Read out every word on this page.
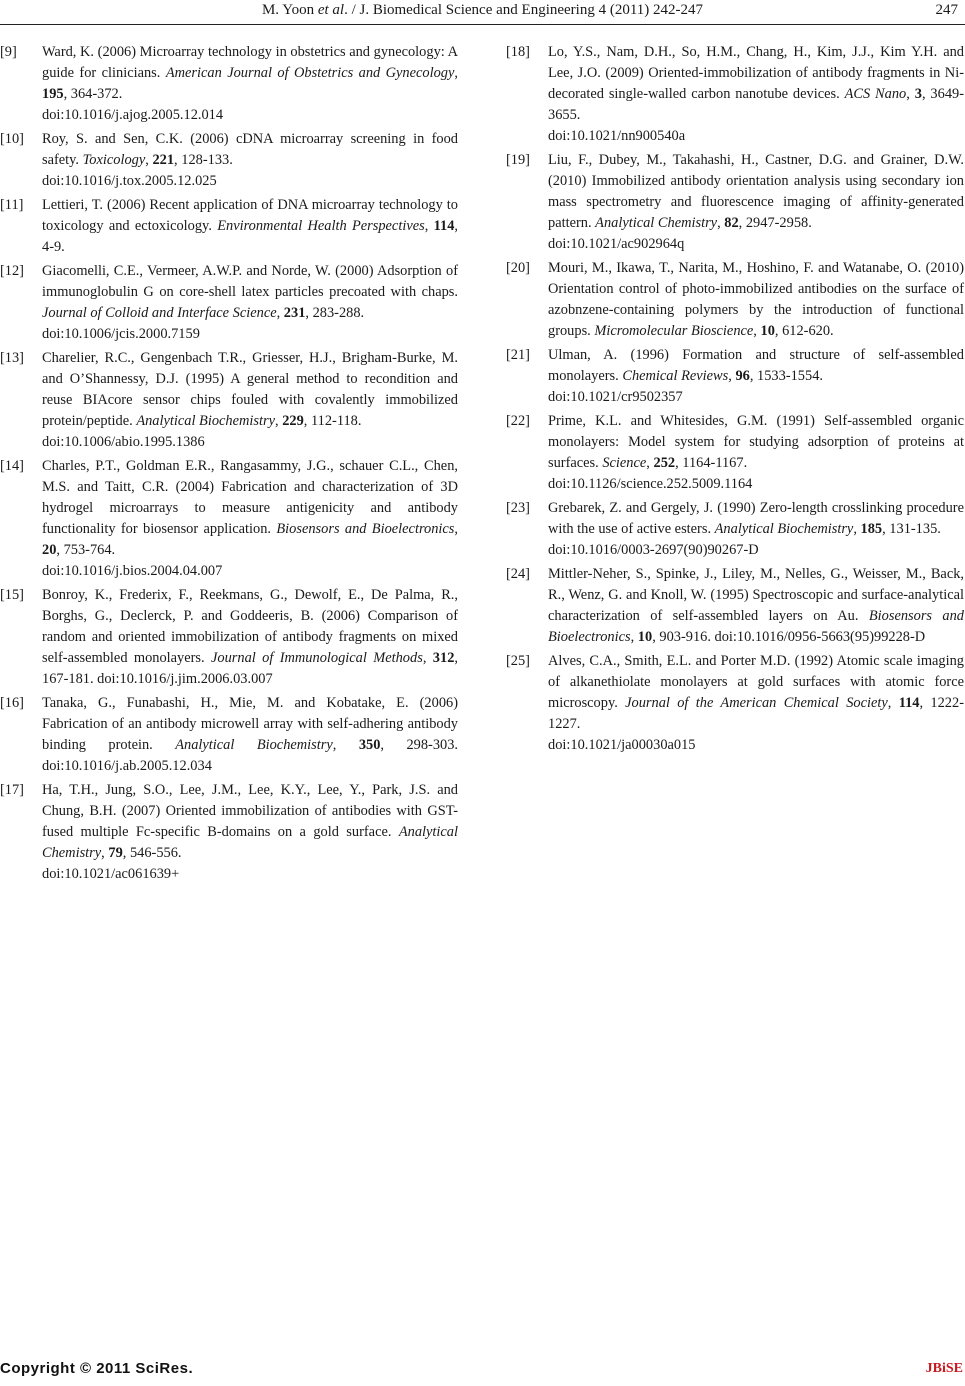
M. Yoon et al. / J. Biomedical Science and Engineering 4 (2011) 242-247	247
[9] Ward, K. (2006) Microarray technology in obstetrics and gynecology: A guide for clinicians. American Journal of Obstetrics and Gynecology, 195, 364-372.
doi:10.1016/j.ajog.2005.12.014
[10] Roy, S. and Sen, C.K. (2006) cDNA microarray screening in food safety. Toxicology, 221, 128-133.
doi:10.1016/j.tox.2005.12.025
[11] Lettieri, T. (2006) Recent application of DNA microarray technology to toxicology and ectoxicology. Environmental Health Perspectives, 114, 4-9.
[12] Giacomelli, C.E., Vermeer, A.W.P. and Norde, W. (2000) Adsorption of immunoglobulin G on core-shell latex particles precoated with chaps. Journal of Colloid and Interface Science, 231, 283-288.
doi:10.1006/jcis.2000.7159
[13] Charelier, R.C., Gengenbach T.R., Griesser, H.J., Brigham-Burke, M. and O’Shannessy, D.J. (1995) A general method to recondition and reuse BIAcore sensor chips fouled with covalently immobilized protein/peptide. Analytical Biochemistry, 229, 112-118.
doi:10.1006/abio.1995.1386
[14] Charles, P.T., Goldman E.R., Rangasammy, J.G., schauer C.L., Chen, M.S. and Taitt, C.R. (2004) Fabrication and characterization of 3D hydrogel microarrays to measure antigenicity and antibody functionality for biosensor application. Biosensors and Bioelectronics, 20, 753-764.
doi:10.1016/j.bios.2004.04.007
[15] Bonroy, K., Frederix, F., Reekmans, G., Dewolf, E., De Palma, R., Borghs, G., Declerck, P. and Goddeeris, B. (2006) Comparison of random and oriented immobilization of antibody fragments on mixed self-assembled monolayers. Journal of Immunological Methods, 312, 167-181. doi:10.1016/j.jim.2006.03.007
[16] Tanaka, G., Funabashi, H., Mie, M. and Kobatake, E. (2006) Fabrication of an antibody microwell array with self-adhering antibody binding protein. Analytical Biochemistry, 350, 298-303. doi:10.1016/j.ab.2005.12.034
[17] Ha, T.H., Jung, S.O., Lee, J.M., Lee, K.Y., Lee, Y., Park, J.S. and Chung, B.H. (2007) Oriented immobilization of antibodies with GST-fused multiple Fc-specific B-domains on a gold surface. Analytical Chemistry, 79, 546-556.
doi:10.1021/ac061639+
[18] Lo, Y.S., Nam, D.H., So, H.M., Chang, H., Kim, J.J., Kim Y.H. and Lee, J.O. (2009) Oriented-immobilization of antibody fragments in Ni-decorated single-walled carbon nanotube devices. ACS Nano, 3, 3649-3655.
doi:10.1021/nn900540a
[19] Liu, F., Dubey, M., Takahashi, H., Castner, D.G. and Grainer, D.W. (2010) Immobilized antibody orientation analysis using secondary ion mass spectrometry and fluorescence imaging of affinity-generated pattern. Analytical Chemistry, 82, 2947-2958.
doi:10.1021/ac902964q
[20] Mouri, M., Ikawa, T., Narita, M., Hoshino, F. and Watanabe, O. (2010) Orientation control of photo-immobilized antibodies on the surface of azobnzene-containing polymers by the introduction of functional groups. Micromolecular Bioscience, 10, 612-620.
[21] Ulman, A. (1996) Formation and structure of self-assembled monolayers. Chemical Reviews, 96, 1533-1554.
doi:10.1021/cr9502357
[22] Prime, K.L. and Whitesides, G.M. (1991) Self-assembled organic monolayers: Model system for studying adsorption of proteins at surfaces. Science, 252, 1164-1167.
doi:10.1126/science.252.5009.1164
[23] Grebarek, Z. and Gergely, J. (1990) Zero-length crosslinking procedure with the use of active esters. Analytical Biochemistry, 185, 131-135.
doi:10.1016/0003-2697(90)90267-D
[24] Mittler-Neher, S., Spinke, J., Liley, M., Nelles, G., Weisser, M., Back, R., Wenz, G. and Knoll, W. (1995) Spectroscopic and surface-analytical characterization of self-assembled layers on Au. Biosensors and Bioelectronics, 10, 903-916. doi:10.1016/0956-5663(95)99228-D
[25] Alves, C.A., Smith, E.L. and Porter M.D. (1992) Atomic scale imaging of alkanethiolate monolayers at gold surfaces with atomic force microscopy. Journal of the American Chemical Society, 114, 1222-1227.
doi:10.1021/ja00030a015
Copyright © 2011 SciRes.	JBiSE
